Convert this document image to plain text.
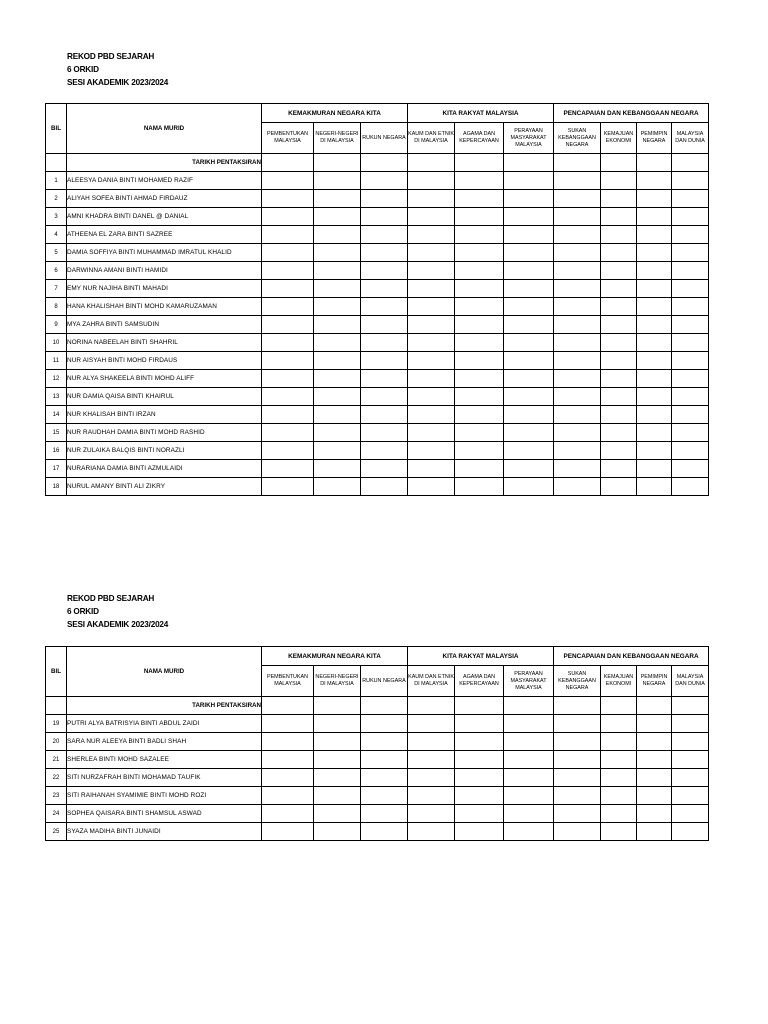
REKOD PBD SEJARAH
6 ORKID
SESI AKADEMIK 2023/2024
BIL	NAMA MURID	KEMAKMURAN NEGARA KITA			KITA RAKYAT MALAYSIA			PENCAPAIAN DAN KEBANGGAAN NEGARA			
		PEMBENTUKAN MALAYSIA	NEGERI-NEGERI DI MALAYSIA	RUKUN NEGARA	KAUM DAN ETNIK DI MALAYSIA	AGAMA DAN KEPERCAYAAN	PERAYAAN MASYARAKAT MALAYSIA	SUKAN KEBANGGAAN NEGARA	KEMAJUAN EKONOMI	PEMIMPIN NEGARA	MALAYSIA DAN DUNIA
	TARIKH PENTAKSIRAN										
1	ALEESYA DANIA BINTI MOHAMED RAZIF										
2	ALIYAH SOFEA BINTI AHMAD FIRDAUZ										
3	AMNI KHADRA BINTI DANEL @ DANIAL										
4	ATHEENA EL ZARA BINTI SAZREE										
5	DAMIA SOFFIYA BINTI MUHAMMAD IMRATUL KHALID										
6	DARWINNA AMANI BINTI HAMIDI										
7	EMY NUR NAJIHA BINTI MAHADI										
8	HANA KHALISHAH BINTI MOHD KAMARUZAMAN										
9	MYA ZAHRA BINTI SAMSUDIN										
10	NORINA NABEELAH BINTI SHAHRIL										
11	NUR AISYAH BINTI MOHD FIRDAUS										
12	NUR ALYA SHAKEELA BINTI MOHD ALIFF										
13	NUR DAMIA QAISA BINTI KHAIRUL										
14	NUR KHALISAH BINTI IRZAN										
15	NUR RAUDHAH DAMIA BINTI MOHD RASHID										
16	NUR ZULAIKA BALQIS BINTI NORAZLI										
17	NURARIANA DAMIA BINTI AZMULAIDI										
18	NURUL AMANY BINTI ALI ZIKRY										
REKOD PBD SEJARAH
6 ORKID
SESI AKADEMIK 2023/2024
BIL	NAMA MURID	KEMAKMURAN NEGARA KITA			KITA RAKYAT MALAYSIA			PENCAPAIAN DAN KEBANGGAAN NEGARA			
		PEMBENTUKAN MALAYSIA	NEGERI-NEGERI DI MALAYSIA	RUKUN NEGARA	KAUM DAN ETNIK DI MALAYSIA	AGAMA DAN KEPERCAYAAN	PERAYAAN MASYARAKAT MALAYSIA	SUKAN KEBANGGAAN NEGARA	KEMAJUAN EKONOMI	PEMIMPIN NEGARA	MALAYSIA DAN DUNIA
	TARIKH PENTAKSIRAN										
19	PUTRI ALYA BATRISYIA BINTI ABDUL ZAIDI										
20	SARA NUR ALEEYA BINTI BADLI SHAH										
21	SHERLEA BINTI MOHD SAZALEE										
22	SITI NURZAFRAH BINTI MOHAMAD TAUFIK										
23	SITI RAIHANAH SYAMIMIE BINTI MOHD ROZI										
24	SOPHEA QAISARA BINTI SHAMSUL ASWAD										
25	SYAZA MADIHA BINTI JUNAIDI										
